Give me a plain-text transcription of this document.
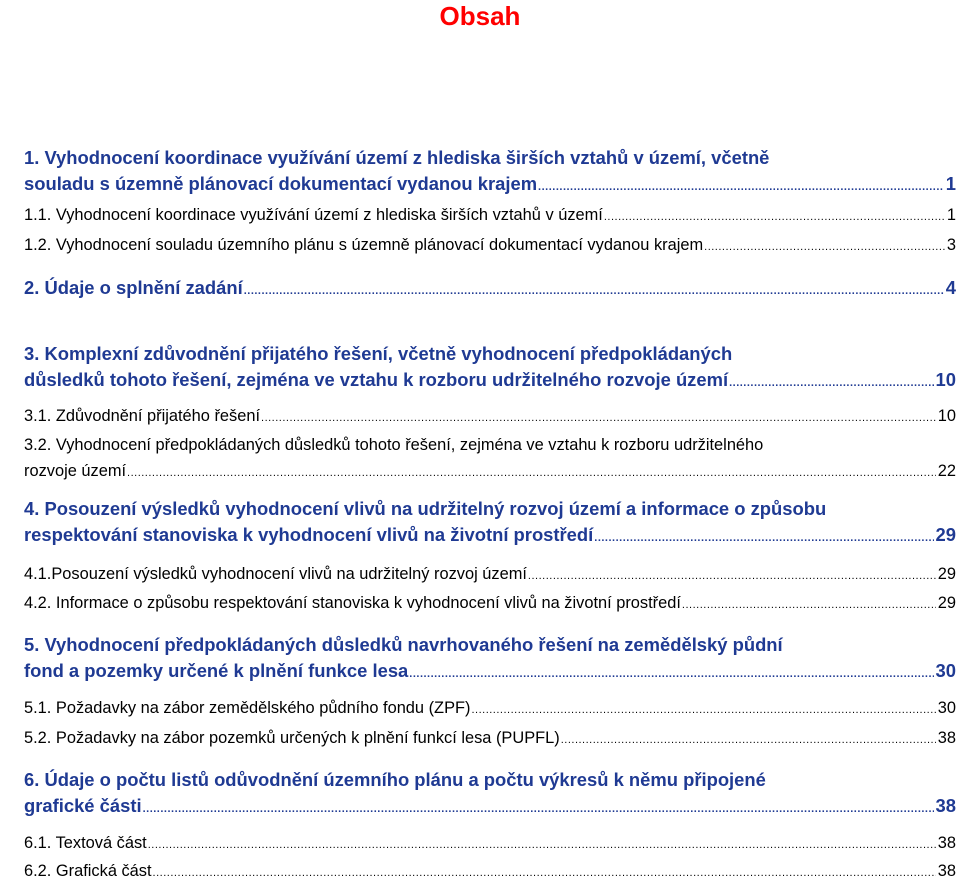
Obsah
1. Vyhodnocení koordinace využívání území z hlediska širších vztahů v území, včetně
souladu s územně plánovací dokumentací vydanou krajem .....	1
1.1. Vyhodnocení koordinace využívání území z hlediska širších vztahů v území .....	1
1.2. Vyhodnocení souladu územního plánu s územně plánovací dokumentací vydanou krajem .....	3
2. Údaje o splnění zadání .....	4
3. Komplexní zdůvodnění přijatého řešení, včetně vyhodnocení předpokládaných
důsledků tohoto řešení, zejména ve vztahu k rozboru udržitelného rozvoje území .....	10
3.1. Zdůvodnění přijatého řešení .....	10
3.2. Vyhodnocení předpokládaných důsledků tohoto řešení, zejména ve vztahu k rozboru udržitelného
rozvoje území .....	22
4. Posouzení výsledků vyhodnocení vlivů na udržitelný rozvoj území a informace o způsobu
respektování stanoviska k vyhodnocení vlivů na životní prostředí .....	29
4.1.Posouzení výsledků vyhodnocení vlivů na udržitelný rozvoj území .....	29
4.2. Informace o způsobu respektování stanoviska k vyhodnocení vlivů na životní prostředí .....	29
5. Vyhodnocení předpokládaných důsledků navrhovaného řešení na zemědělský půdní
fond a pozemky určené k plnění funkce lesa .....	30
5.1. Požadavky na zábor zemědělského půdního fondu (ZPF) .....	30
5.2. Požadavky na zábor pozemků určených k plnění funkcí lesa (PUPFL) .....	38
6. Údaje o počtu listů odůvodnění územního plánu a počtu výkresů k němu připojené
grafické části .....	38
6.1. Textová část .....	38
6.2. Grafická část .....	38
